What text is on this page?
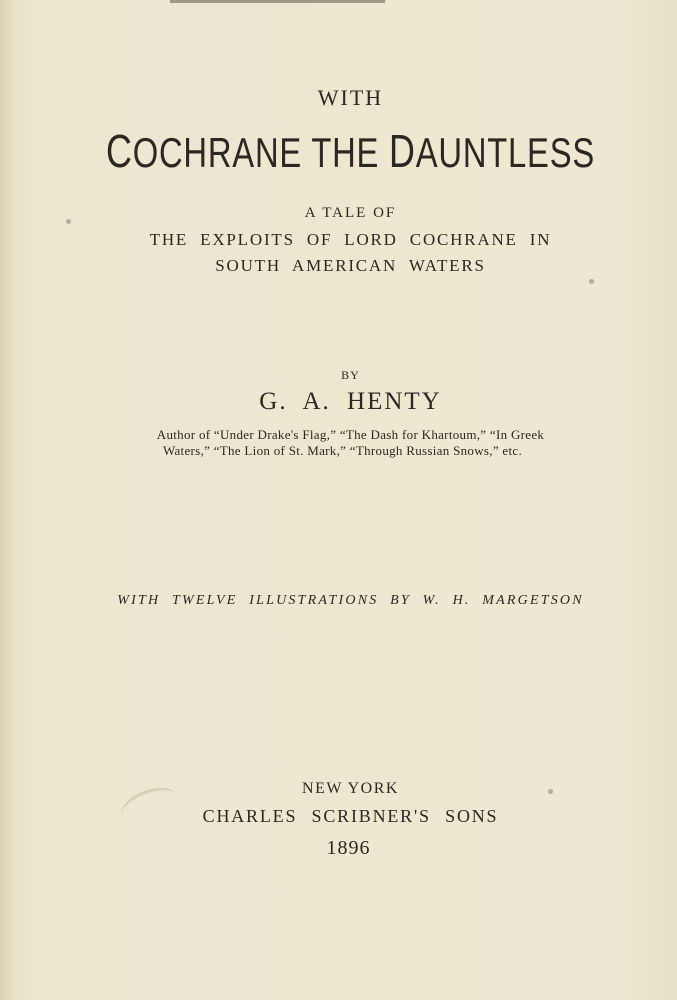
WITH

COCHRANE THE DAUNTLESS

A TALE OF

THE EXPLOITS OF LORD COCHRANE IN

SOUTH AMERICAN WATERS

BY

G. A. HENTY

Author of “Under Drake's Flag,” “The Dash for Khartoum,” “In Greek

Waters,” “The Lion of St. Mark,” “Through Russian Snows,” etc.

WITH TWELVE ILLUSTRATIONS BY W. H. MARGETSON

NEW YORK

CHARLES SCRIBNER'S SONS

1896
